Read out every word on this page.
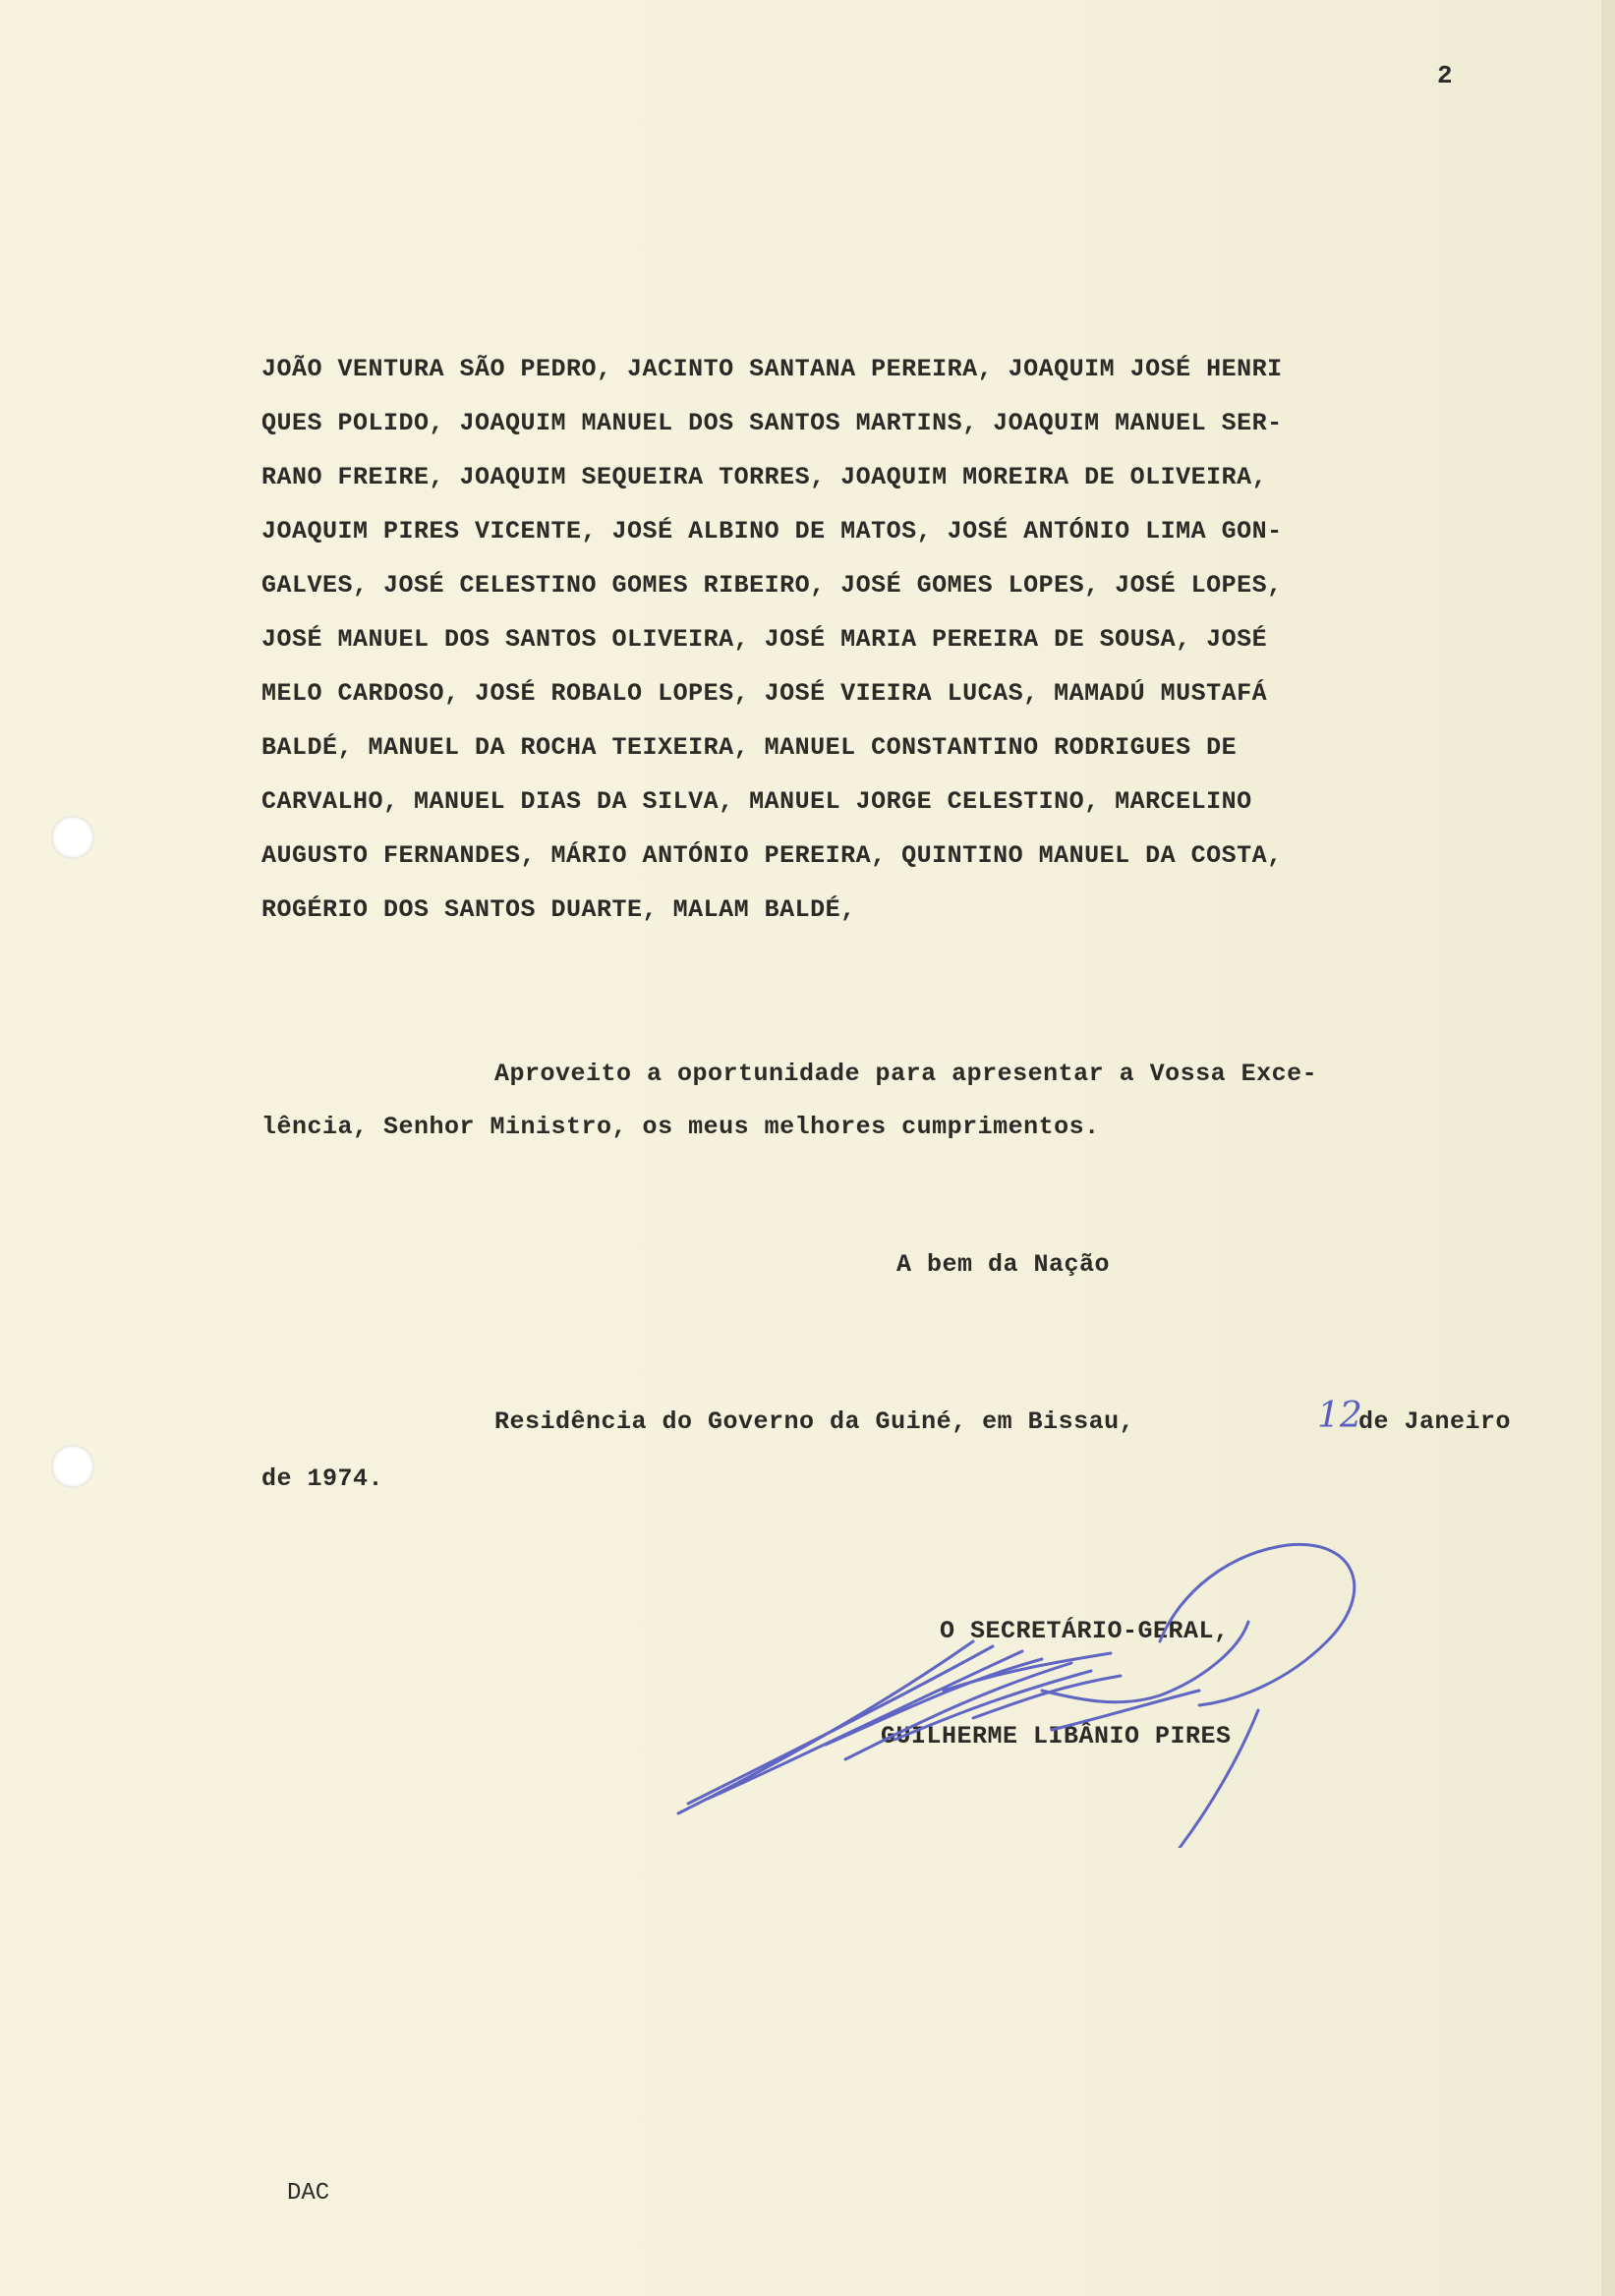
2
JOÃO VENTURA SÃO PEDRO, JACINTO SANTANA PEREIRA, JOAQUIM JOSÉ HENRI
QUES POLIDO, JOAQUIM MANUEL DOS SANTOS MARTINS, JOAQUIM MANUEL SER-
RANO FREIRE, JOAQUIM SEQUEIRA TORRES, JOAQUIM MOREIRA DE OLIVEIRA,
JOAQUIM PIRES VICENTE, JOSÉ ALBINO DE MATOS, JOSÉ ANTÓNIO LIMA GON-
GALVES, JOSÉ CELESTINO GOMES RIBEIRO, JOSÉ GOMES LOPES, JOSÉ LOPES,
JOSÉ MANUEL DOS SANTOS OLIVEIRA, JOSÉ MARIA PEREIRA DE SOUSA, JOSÉ
MELO CARDOSO, JOSÉ ROBALO LOPES, JOSÉ VIEIRA LUCAS, MAMADÚ MUSTAFÁ
BALDÉ, MANUEL DA ROCHA TEIXEIRA, MANUEL CONSTANTINO RODRIGUES DE
CARVALHO, MANUEL DIAS DA SILVA, MANUEL JORGE CELESTINO, MARCELINO
AUGUSTO FERNANDES, MÁRIO ANTÓNIO PEREIRA, QUINTINO MANUEL DA COSTA,
ROGÉRIO DOS SANTOS DUARTE, MALAM BALDÉ,
Aproveito a oportunidade para apresentar a Vossa Exce-
lência, Senhor Ministro, os meus melhores cumprimentos.
A bem da Nação
Residência do Governo da Guiné, em Bissau,	12
de Janeiro
de 1974.
O SECRETÁRIO-GERAL,
GUILHERME LIBÂNIO PIRES
DAC
